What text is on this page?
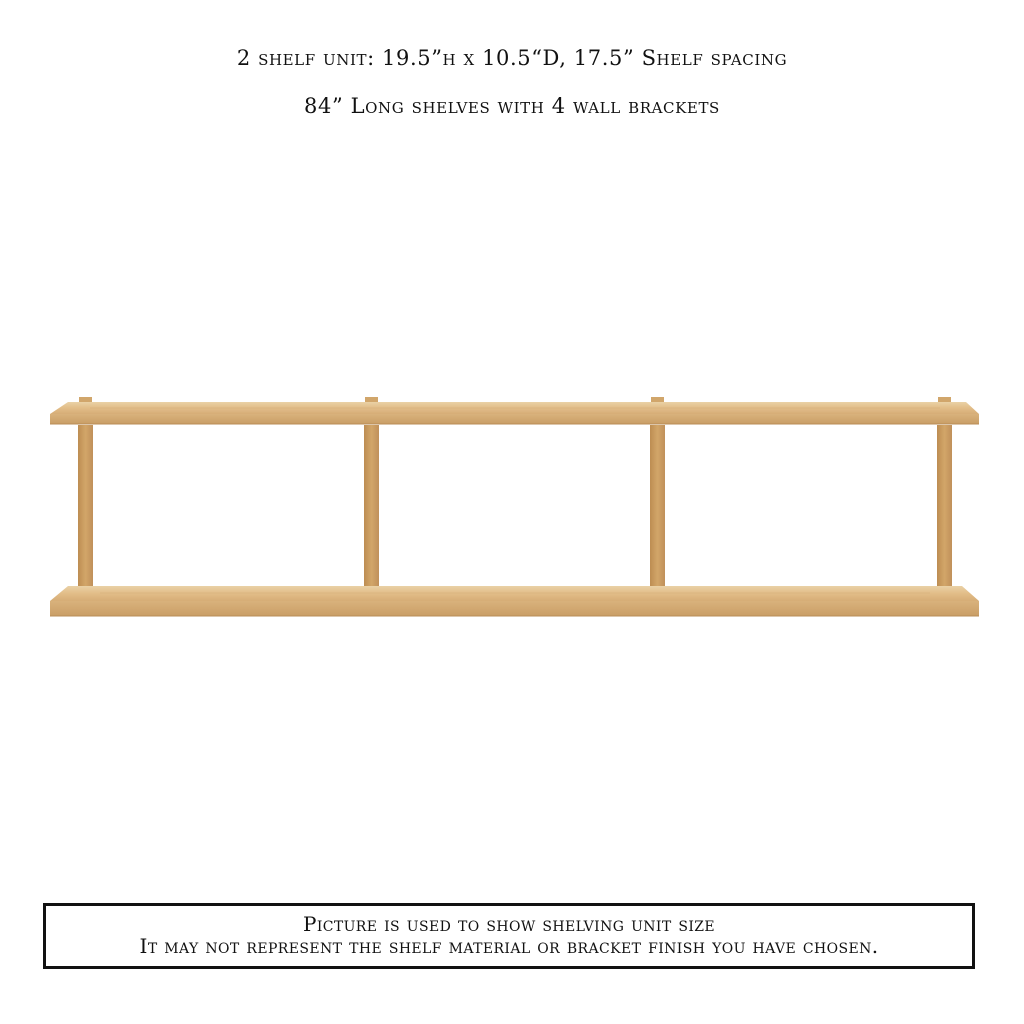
2 shelf unit: 19.5”h x 10.5“D, 17.5” Shelf spacing
84” Long shelves with 4 wall brackets
Picture is used to show shelving unit size
It may not represent the shelf material or bracket finish you have chosen.
